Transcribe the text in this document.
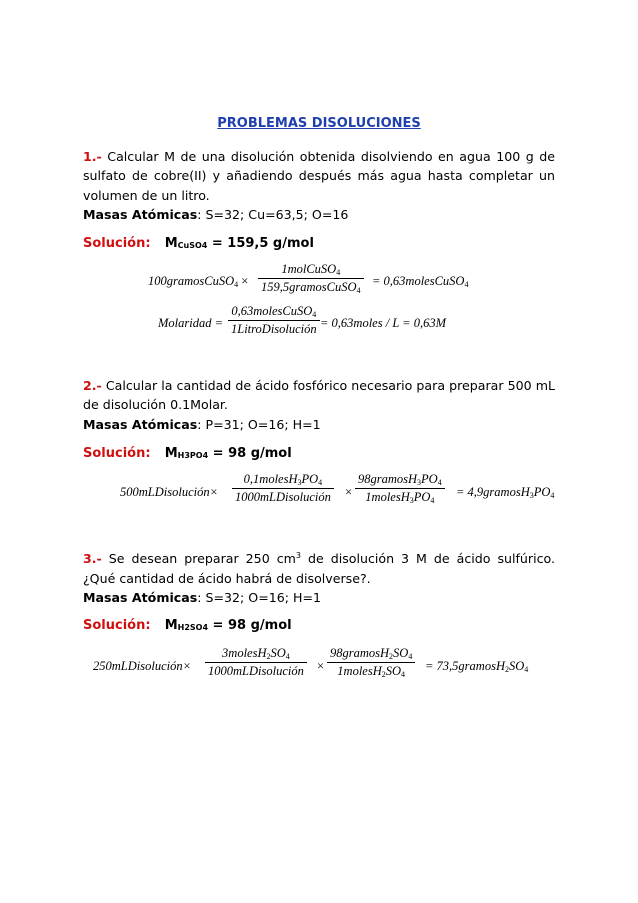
PROBLEMAS DISOLUCIONES
1.- Calcular M de una disolución obtenida disolviendo en agua 100 g de sulfato de cobre(II) y añadiendo después más agua hasta completar un volumen de un litro.
Masas Atómicas: S=32; Cu=63,5; O=16
Solución: $M_{CuSO4} = 159,5$ g/mol
100gramosCuSO$_4$ ×
1molCuSO$_4$
159,5gramosCuSO$_4$
= 0,63molesCuSO$_4$
Molaridad =
0,63molesCuSO$_4$
1LitroDisolución = 0,63moles / L = 0,63M
2.- Calcular la cantidad de ácido fosfórico necesario para preparar 500 mL de disolución 0.1Molar.
Masas Atómicas: P=31; O=16; H=1
Solución: $M_{H3PO4} = 98$ g/mol
500mLDisolución×
$0,1molesH_3PO_4$
1000mLDisolución ×
$98gramosH_3PO_4$
$1molesH_3PO_4$
= $4,9gramosH_3PO_4$
3.- Se desean preparar 250 $cm^3$ de disolución 3 M de ácido sulfúrico. ¿Qué cantidad de ácido habrá de disolverse?.
Masas Atómicas: S=32; O=16; H=1
Solución: $M_{H2SO4} = 98$ g/mol
250mLDisolución×
$3molesH_2SO_4$
1000mLDisolución ×
$98gramosH_2SO_4$
$1molesH_2SO_4$
= $73,5gramosH_2SO_4$
